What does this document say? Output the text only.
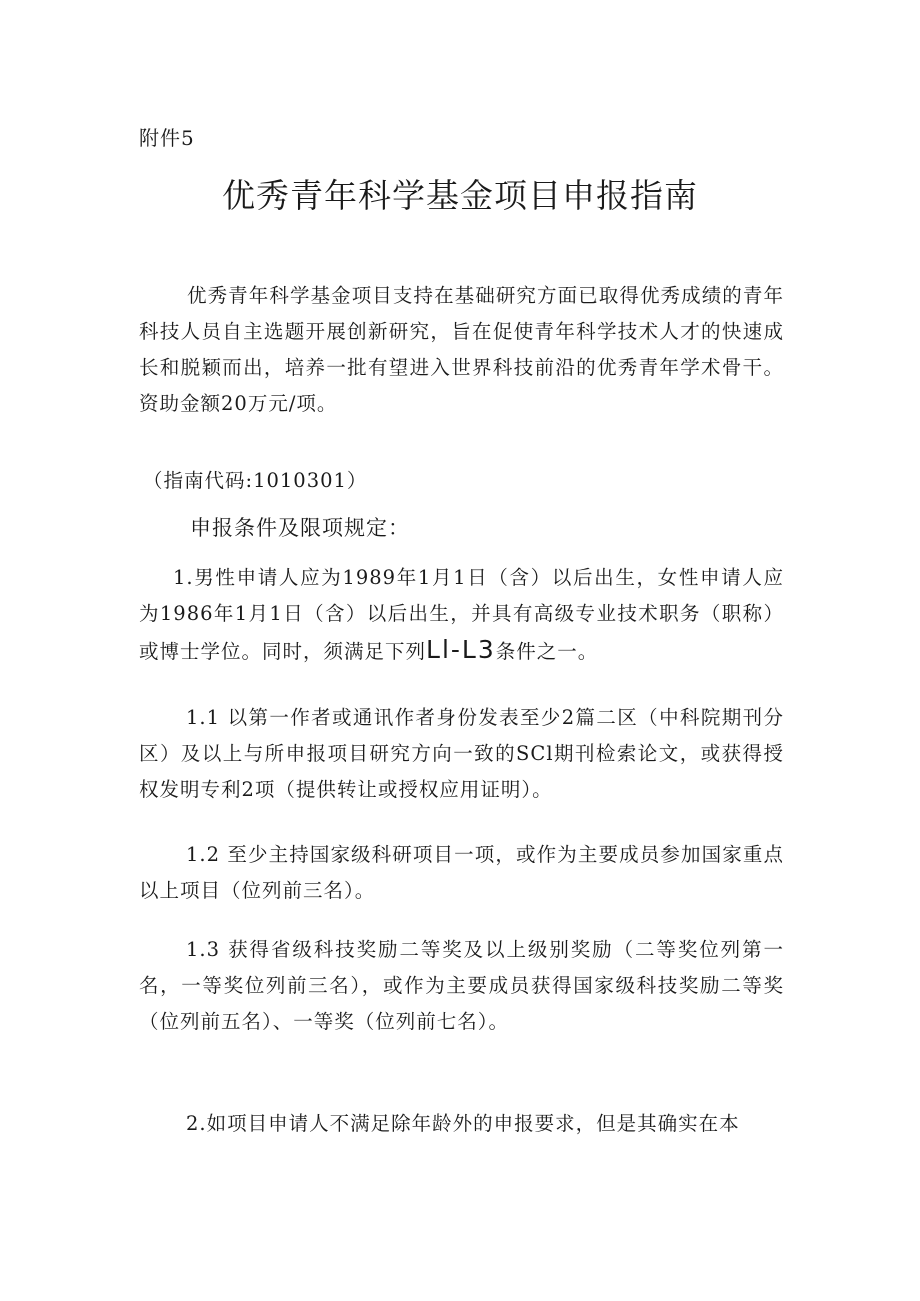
附件5
优秀青年科学基金项目申报指南
优秀青年科学基金项目支持在基础研究方面已取得优秀成绩的青年科技人员自主选题开展创新研究，旨在促使青年科学技术人才的快速成长和脱颖而出，培养一批有望进入世界科技前沿的优秀青年学术骨干。资助金额20万元/项。
（指南代码:1010301）
申报条件及限项规定：
1.男性申请人应为1989年1月1日（含）以后出生，女性申请人应为1986年1月1日（含）以后出生，并具有高级专业技术职务（职称）或博士学位。同时，须满足下列Ll-L3条件之一。
1.1 以第一作者或通讯作者身份发表至少2篇二区（中科院期刊分区）及以上与所申报项目研究方向一致的SCl期刊检索论文，或获得授权发明专利2项（提供转让或授权应用证明）。
1.2 至少主持国家级科研项目一项，或作为主要成员参加国家重点以上项目（位列前三名）。
1.3 获得省级科技奖励二等奖及以上级别奖励（二等奖位列第一名，一等奖位列前三名），或作为主要成员获得国家级科技奖励二等奖（位列前五名）、一等奖（位列前七名）。
2.如项目申请人不满足除年龄外的申报要求，但是其确实在本
